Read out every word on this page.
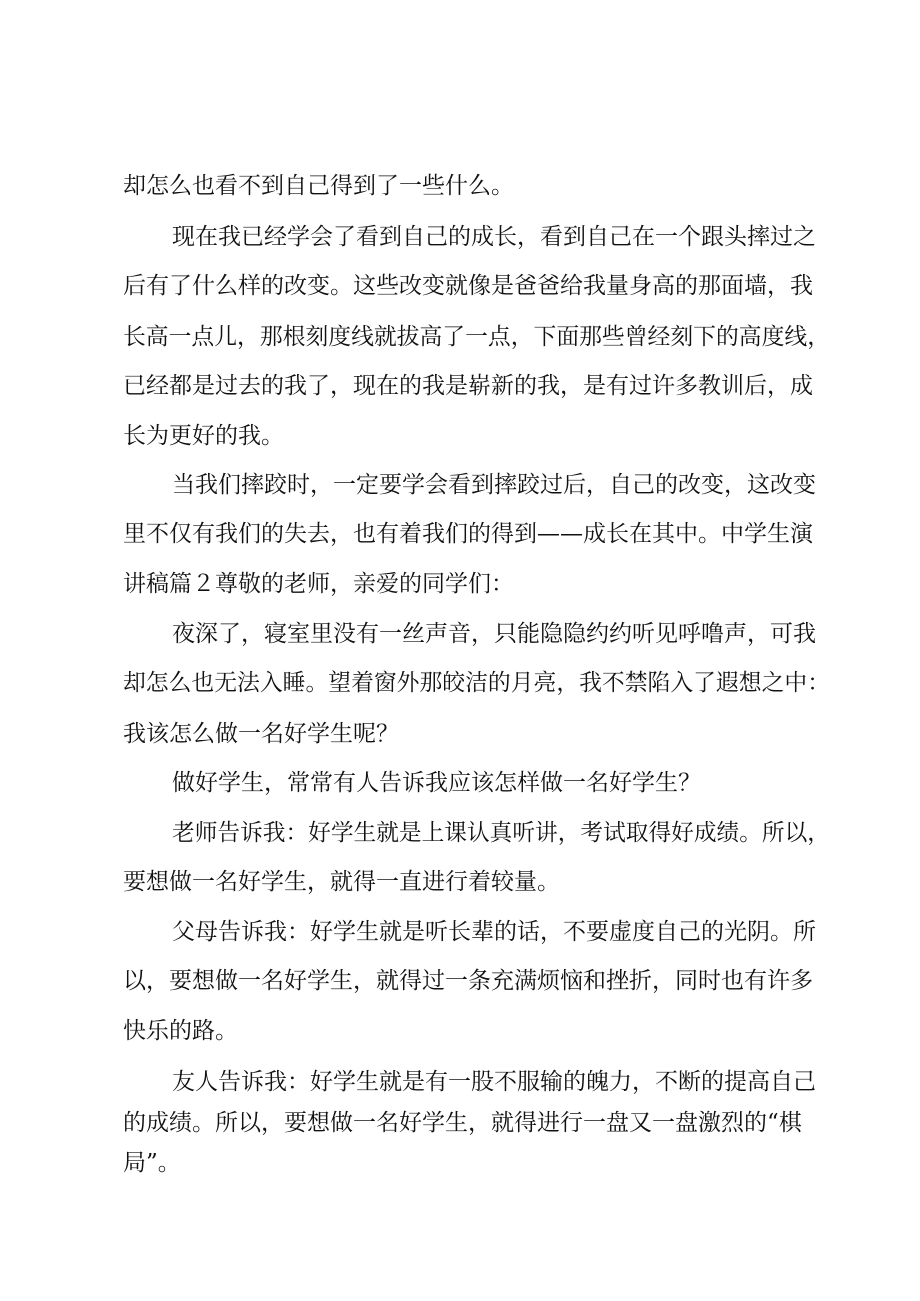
却怎么也看不到自己得到了一些什么。
现在我已经学会了看到自己的成长，看到自己在一个跟头摔过之
后有了什么样的改变。这些改变就像是爸爸给我量身高的那面墙，我
长高一点儿，那根刻度线就拔高了一点，下面那些曾经刻下的高度线，
已经都是过去的我了，现在的我是崭新的我，是有过许多教训后，成
长为更好的我。
当我们摔跤时，一定要学会看到摔跤过后，自己的改变，这改变
里不仅有我们的失去，也有着我们的得到——成长在其中。中学生演
讲稿篇２尊敬的老师，亲爱的同学们：
夜深了，寝室里没有一丝声音，只能隐隐约约听见呼噜声，可我
却怎么也无法入睡。望着窗外那皎洁的月亮，我不禁陷入了遐想之中：
我该怎么做一名好学生呢？
做好学生，常常有人告诉我应该怎样做一名好学生？
老师告诉我：好学生就是上课认真听讲，考试取得好成绩。所以，
要想做一名好学生，就得一直进行着较量。
父母告诉我：好学生就是听长辈的话，不要虚度自己的光阴。所
以，要想做一名好学生，就得过一条充满烦恼和挫折，同时也有许多
快乐的路。
友人告诉我：好学生就是有一股不服输的魄力，不断的提高自己
的成绩。所以，要想做一名好学生，就得进行一盘又一盘激烈的“棋
局”。
